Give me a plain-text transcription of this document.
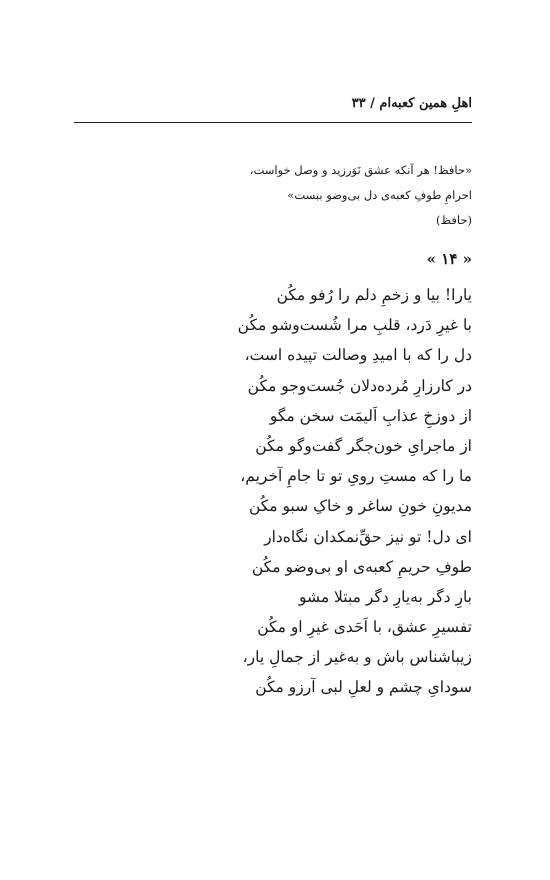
اهلِ همین کعبه‌ام / ۳۳
«حافظ! هر آنکه عشق نَوَرزید و وصل خواست،
احرامِ طوفِ کعبه‌ی دل بی‌وضو ببست»
(حافظ)
« ۱۴ »
یارا! بیا و زخمِ دلم را رُفو مکُن
با غیرِ دَرد، قلبِ مرا شُست‌وشو مکُن
دل را که با امیدِ وصالت تپیده است،
در کارزارِ مُرده‌دلان جُست‌وجو مکُن
از دوزخِ عذابِ اَلیمَت سخن مگو
از ماجرایِ خون‌جگر گفت‌وگو مکُن
ما را که مستِ رویِ تو تا جامِ آخریم،
مدیونِ خونِ ساغر و خاکِ سبو مکُن
ای دل! تو نیز حقِّ‌نمکدان نگاه‌دار
طوفِ حریمِ کعبه‌ی او بی‌وضو مکُن
بارِ دگر به‌یارِ دگر مبتلا مشو
تفسیرِ عشق، با اَحَدی غیرِ او مکُن
زیباشناس باش و به‌غیر از جمالِ یار،
سودایِ چشم و لعلِ لبی آرزو مکُن
